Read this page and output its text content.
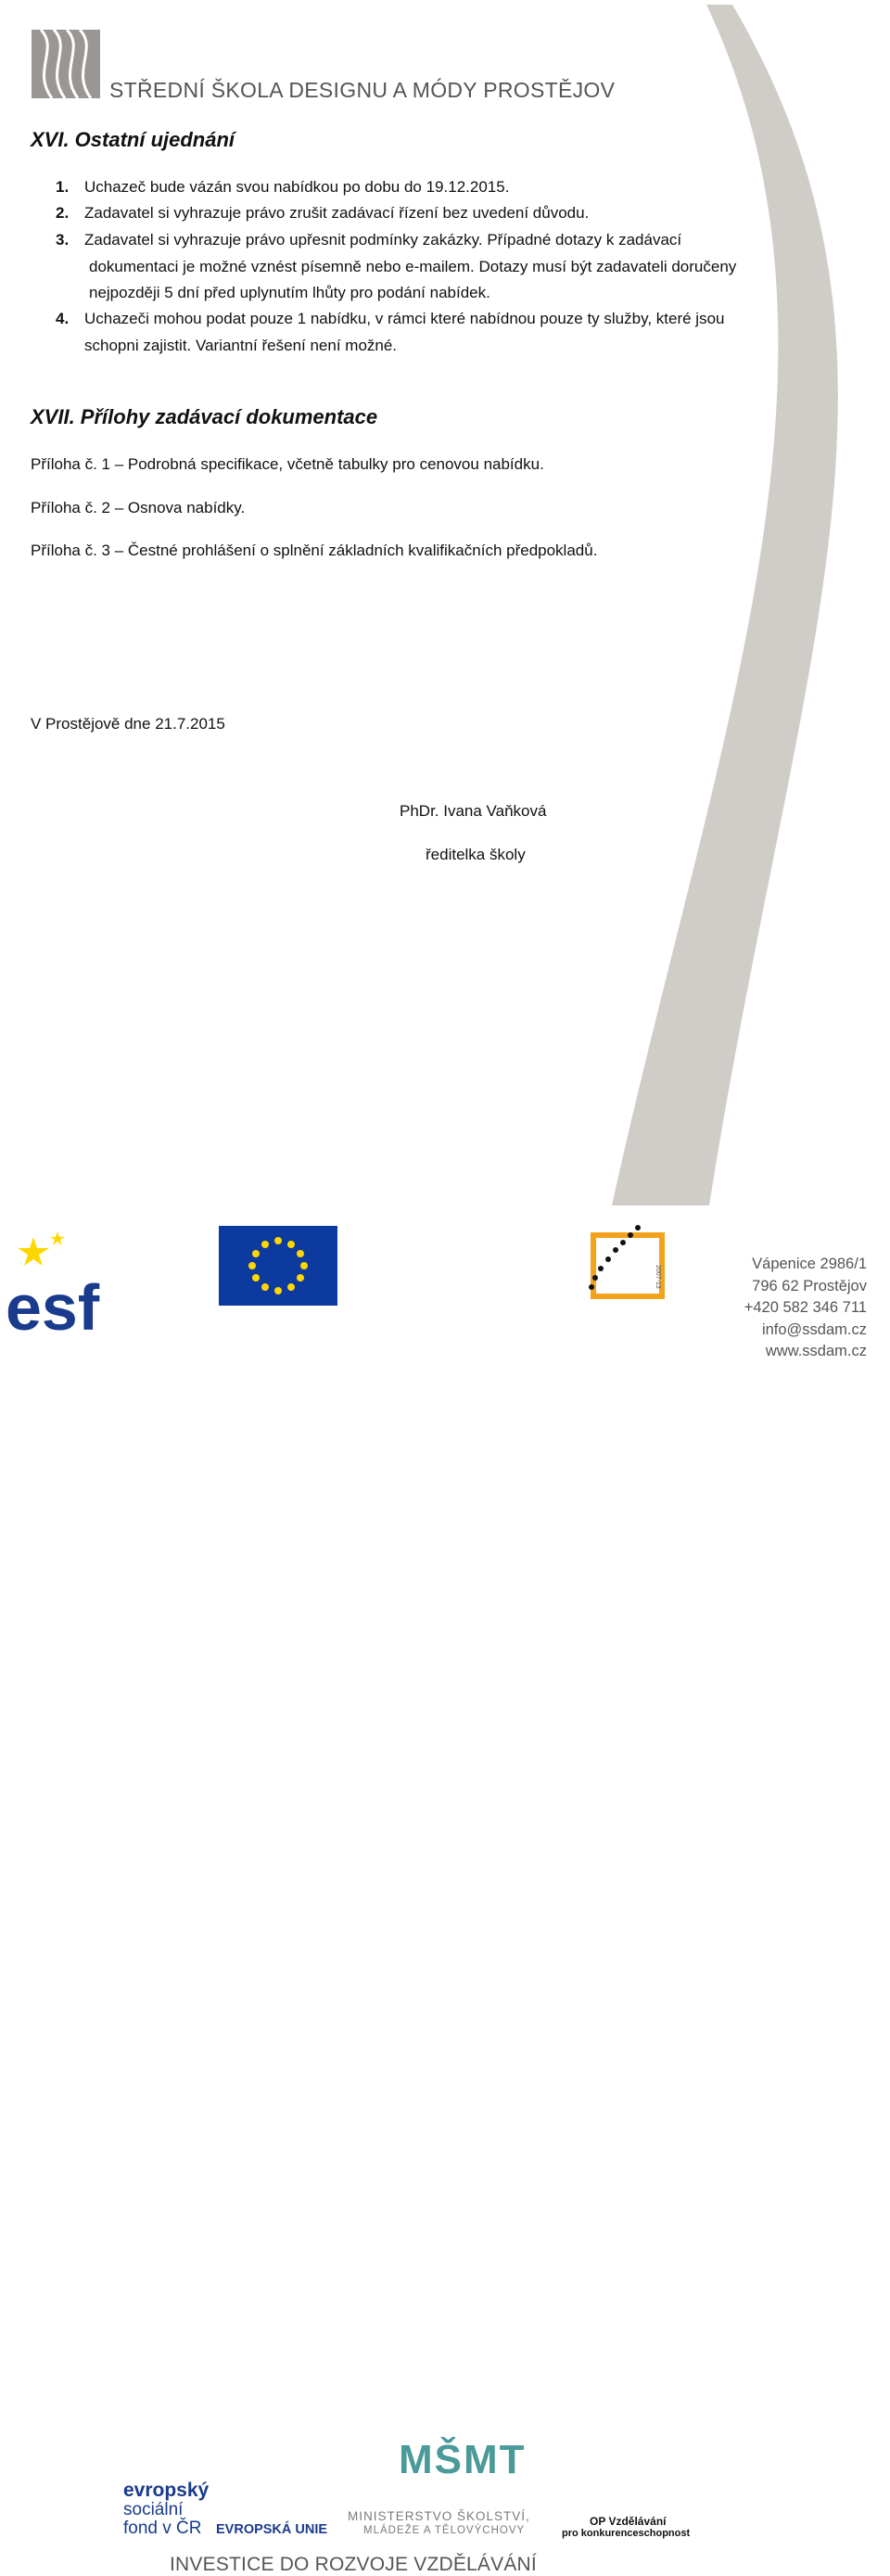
STŘEDNÍ ŠKOLA DESIGNU A MÓDY PROSTĚJOV
XVI. Ostatní ujednání
1. Uchazeč bude vázán svou nabídkou po dobu do 19.12.2015.
2. Zadavatel si vyhrazuje právo zrušit zadávací řízení bez uvedení důvodu.
3. Zadavatel si vyhrazuje právo upřesnit podmínky zakázky. Případné dotazy k zadávací
dokumentaci je možné vznést písemně nebo e-mailem. Dotazy musí být zadavateli doručeny
nejpozději 5 dní před uplynutím lhůty pro podání nabídek.
4. Uchazeči mohou podat pouze 1 nabídku, v rámci které nabídnou pouze ty služby, které jsou
schopni zajistit. Variantní řešení není možné.
XVII. Přílohy zadávací dokumentace
Příloha č. 1 – Podrobná specifikace, včetně tabulky pro cenovou nabídku.
Příloha č. 2 – Osnova nabídky.
Příloha č. 3 – Čestné prohlášení o splnění základních kvalifikačních předpokladů.
V Prostějově dne 21.7.2015
PhDr. Ivana Vaňková
ředitelka školy
esf
evropský
sociální
fond v ČR	EVROPSKÁ UNIE
MŠMT
MINISTERSTVO ŠKOLSTVÍ,
MLÁDEŽE A TĚLOVÝCHOVY
2007-13
OP Vzdělávání
pro konkurenceschopnost
INVESTICE DO ROZVOJE VZDĚLÁVÁNÍ
Vápenice 2986/1
796 62 Prostějov
+420 582 346 711
info@ssdam.cz
www.ssdam.cz
